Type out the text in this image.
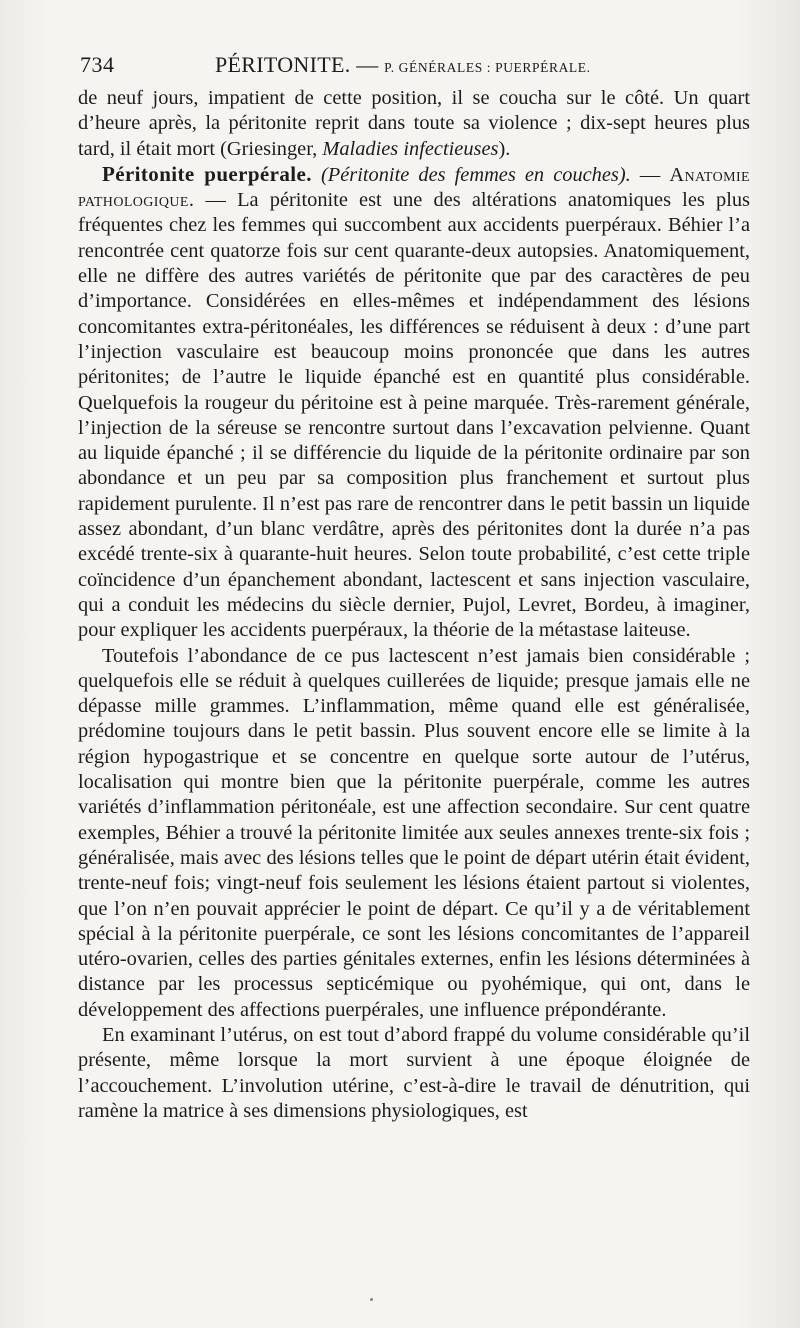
734	PÉRITONITE. — P. GÉNÉRALES : PUERPÉRALE.

de neuf jours, impatient de cette position, il se coucha sur le côté. Un quart d’heure après, la péritonite reprit dans toute sa violence ; dix-sept heures plus tard, il était mort (Griesinger, Maladies infectieuses).

Péritonite puerpérale. (Péritonite des femmes en couches). — Anatomie pathologique. — La péritonite est une des altérations anatomiques les plus fréquentes chez les femmes qui succombent aux accidents puerpéraux. Béhier l’a rencontrée cent quatorze fois sur cent quarante-deux autopsies. Anatomiquement, elle ne diffère des autres variétés de péritonite que par des caractères de peu d’importance. Considérées en elles-mêmes et indépendamment des lésions concomitantes extra-péritonéales, les différences se réduisent à deux : d’une part l’injection vasculaire est beaucoup moins prononcée que dans les autres péritonites; de l’autre le liquide épanché est en quantité plus considérable. Quelquefois la rougeur du péritoine est à peine marquée. Très-rarement générale, l’injection de la séreuse se rencontre surtout dans l’excavation pelvienne. Quant au liquide épanché ; il se différencie du liquide de la péritonite ordinaire par son abondance et un peu par sa composition plus franchement et surtout plus rapidement purulente. Il n’est pas rare de rencontrer dans le petit bassin un liquide assez abondant, d’un blanc verdâtre, après des péritonites dont la durée n’a pas excédé trente-six à quarante-huit heures. Selon toute probabilité, c’est cette triple coïncidence d’un épanchement abondant, lactescent et sans injection vasculaire, qui a conduit les médecins du siècle dernier, Pujol, Levret, Bordeu, à imaginer, pour expliquer les accidents puerpéraux, la théorie de la métastase laiteuse.

Toutefois l’abondance de ce pus lactescent n’est jamais bien considérable ; quelquefois elle se réduit à quelques cuillerées de liquide; presque jamais elle ne dépasse mille grammes. L’inflammation, même quand elle est généralisée, prédomine toujours dans le petit bassin. Plus souvent encore elle se limite à la région hypogastrique et se concentre en quelque sorte autour de l’utérus, localisation qui montre bien que la péritonite puerpérale, comme les autres variétés d’inflammation péritonéale, est une affection secondaire. Sur cent quatre exemples, Béhier a trouvé la péritonite limitée aux seules annexes trente-six fois ; généralisée, mais avec des lésions telles que le point de départ utérin était évident, trente-neuf fois; vingt-neuf fois seulement les lésions étaient partout si violentes, que l’on n’en pouvait apprécier le point de départ. Ce qu’il y a de véritablement spécial à la péritonite puerpérale, ce sont les lésions concomitantes de l’appareil utéro-ovarien, celles des parties génitales externes, enfin les lésions déterminées à distance par les processus septicémique ou pyohémique, qui ont, dans le développement des affections puerpérales, une influence prépondérante.

En examinant l’utérus, on est tout d’abord frappé du volume considérable qu’il présente, même lorsque la mort survient à une époque éloignée de l’accouchement. L’involution utérine, c’est-à-dire le travail de dénutrition, qui ramène la matrice à ses dimensions physiologiques, est
